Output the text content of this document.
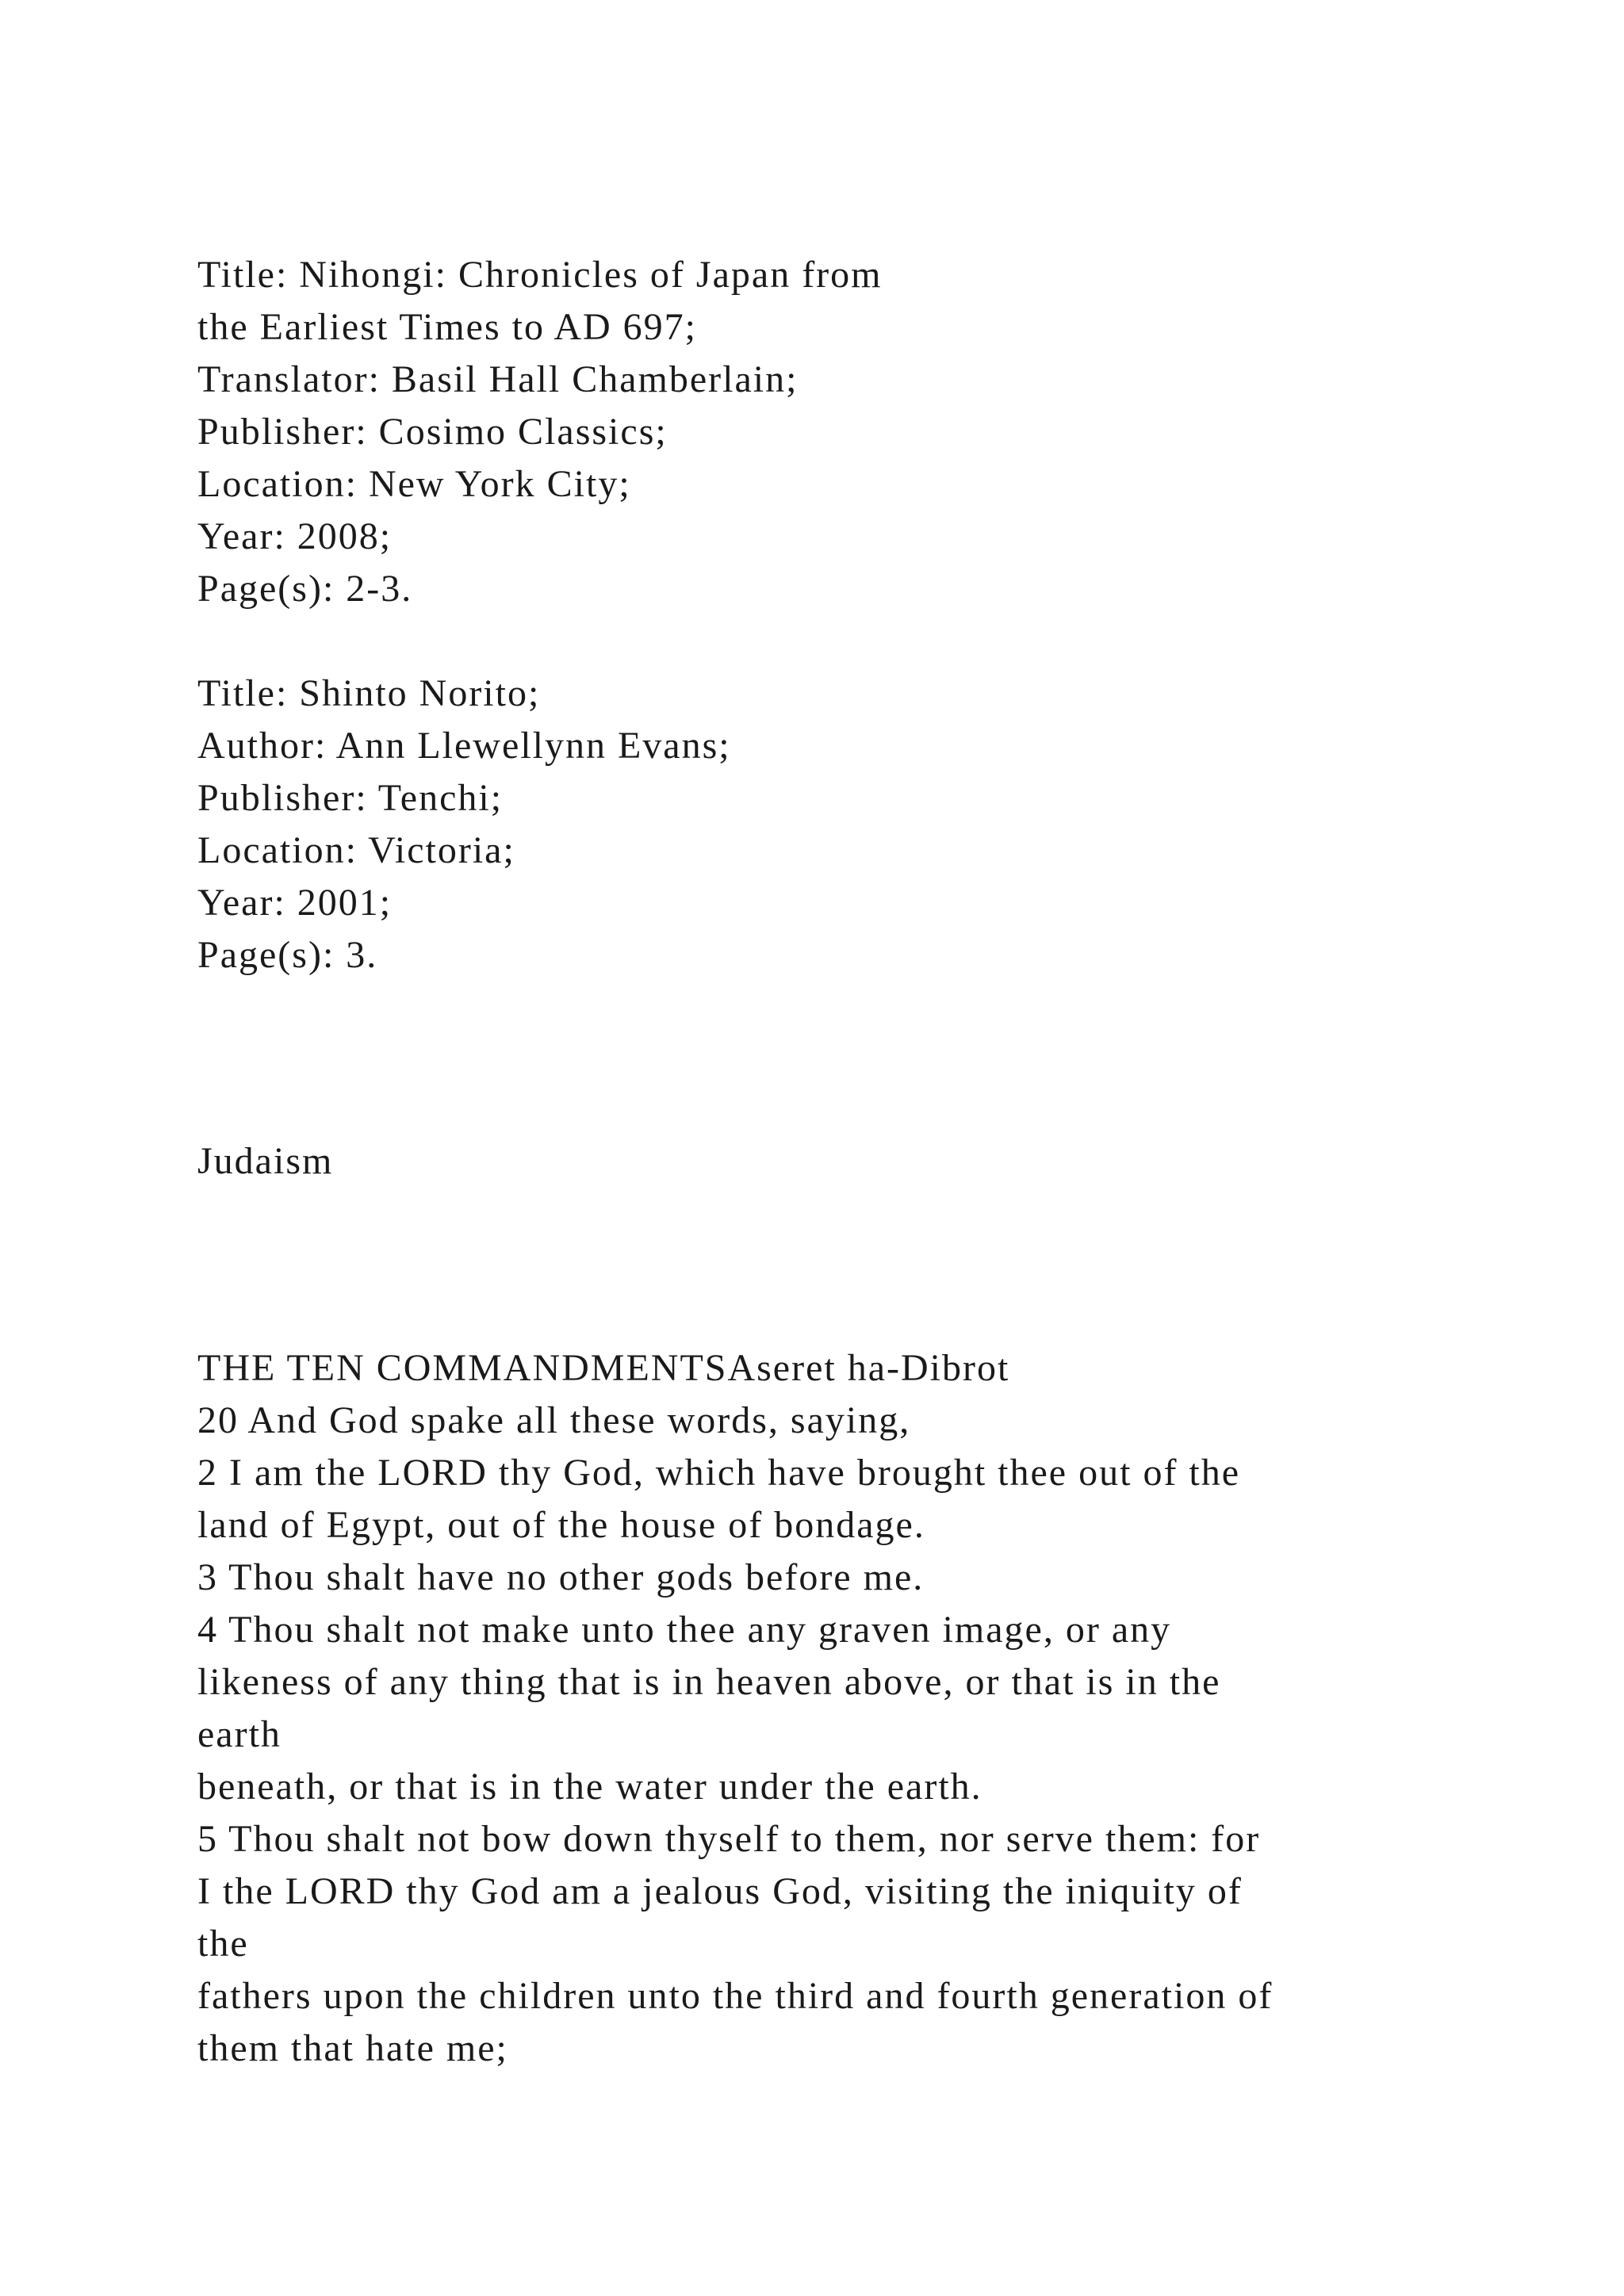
Title: Nihongi: Chronicles of Japan from
the Earliest Times to AD 697;
Translator: Basil Hall Chamberlain;
Publisher: Cosimo Classics;
Location: New York City;
Year: 2008;
Page(s): 2-3.
Title: Shinto Norito;
Author: Ann Llewellynn Evans;
Publisher: Tenchi;
Location: Victoria;
Year: 2001;
Page(s): 3.
Judaism
THE TEN COMMANDMENTSAseret ha-Dibrot
20 And God spake all these words, saying,
2 I am the LORD thy God, which have brought thee out of the
land of Egypt, out of the house of bondage.
3 Thou shalt have no other gods before me.
4 Thou shalt not make unto thee any graven image, or any
likeness of any thing that is in heaven above, or that is in the
earth
beneath, or that is in the water under the earth.
5 Thou shalt not bow down thyself to them, nor serve them: for
I the LORD thy God am a jealous God, visiting the iniquity of
the
fathers upon the children unto the third and fourth generation of
them that hate me;
